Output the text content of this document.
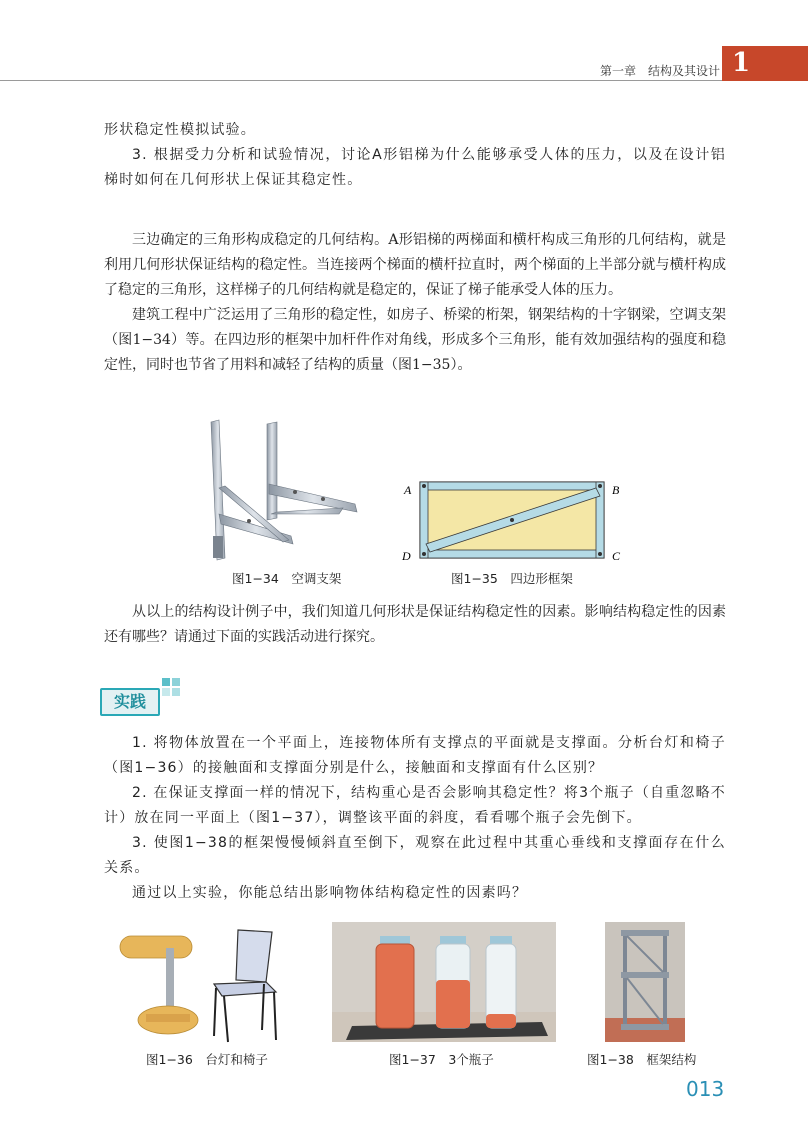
第一章　结构及其设计 1

形状稳定性模拟试验。

3. 根据受力分析和试验情况，讨论A形铝梯为什么能够承受人体的压力，以及在设计铝梯时如何在几何形状上保证其稳定性。

三边确定的三角形构成稳定的几何结构。A形铝梯的两梯面和横杆构成三角形的几何结构，就是利用几何形状保证结构的稳定性。当连接两个梯面的横杆拉直时，两个梯面的上半部分就与横杆构成了稳定的三角形，这样梯子的几何结构就是稳定的，保证了梯子能承受人体的压力。

建筑工程中广泛运用了三角形的稳定性，如房子、桥梁的桁架，钢架结构的十字钢梁，空调支架（图1−34）等。在四边形的框架中加杆件作对角线，形成多个三角形，能有效加强结构的强度和稳定性，同时也节省了用料和减轻了结构的质量（图1−35）。

图1−34　空调支架
A	B
C
D
图1−35　四边形框架

从以上的结构设计例子中，我们知道几何形状是保证结构稳定性的因素。影响结构稳定性的因素还有哪些？请通过下面的实践活动进行探究。

实践

1. 将物体放置在一个平面上，连接物体所有支撑点的平面就是支撑面。分析台灯和椅子（图1−36）的接触面和支撑面分别是什么，接触面和支撑面有什么区别？

2. 在保证支撑面一样的情况下，结构重心是否会影响其稳定性？将3个瓶子（自重忽略不计）放在同一平面上（图1−37），调整该平面的斜度，看看哪个瓶子会先倒下。

3. 使图1−38的框架慢慢倾斜直至倒下，观察在此过程中其重心垂线和支撑面存在什么关系。

通过以上实验，你能总结出影响物体结构稳定性的因素吗？

图1−36　台灯和椅子	图1−37　3个瓶子	图1−38　框架结构
013
